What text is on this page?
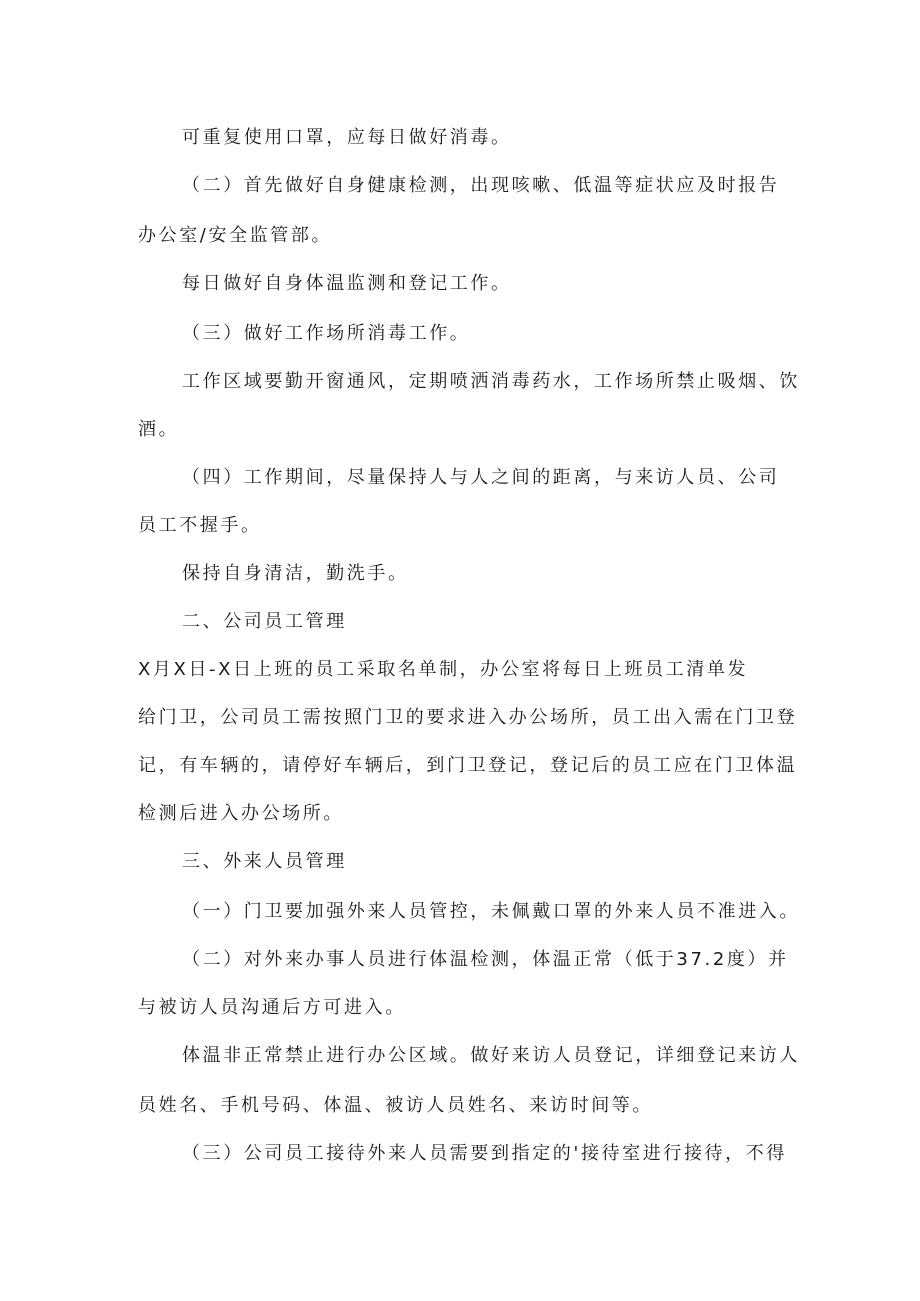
可重复使用口罩，应每日做好消毒。
（二）首先做好自身健康检测，出现咳嗽、低温等症状应及时报告
办公室/安全监管部。
每日做好自身体温监测和登记工作。
（三）做好工作场所消毒工作。
工作区域要勤开窗通风，定期喷洒消毒药水，工作场所禁止吸烟、饮
酒。
（四）工作期间，尽量保持人与人之间的距离，与来访人员、公司
员工不握手。
保持自身清洁，勤洗手。
二、公司员工管理
X月X日-X日上班的员工采取名单制，办公室将每日上班员工清单发
给门卫，公司员工需按照门卫的要求进入办公场所，员工出入需在门卫登
记，有车辆的，请停好车辆后，到门卫登记，登记后的员工应在门卫体温
检测后进入办公场所。
三、外来人员管理
（一）门卫要加强外来人员管控，未佩戴口罩的外来人员不准进入。
（二）对外来办事人员进行体温检测，体温正常（低于37.2度）并
与被访人员沟通后方可进入。
体温非正常禁止进行办公区域。做好来访人员登记，详细登记来访人
员姓名、手机号码、体温、被访人员姓名、来访时间等。
（三）公司员工接待外来人员需要到指定的'接待室进行接待，不得
